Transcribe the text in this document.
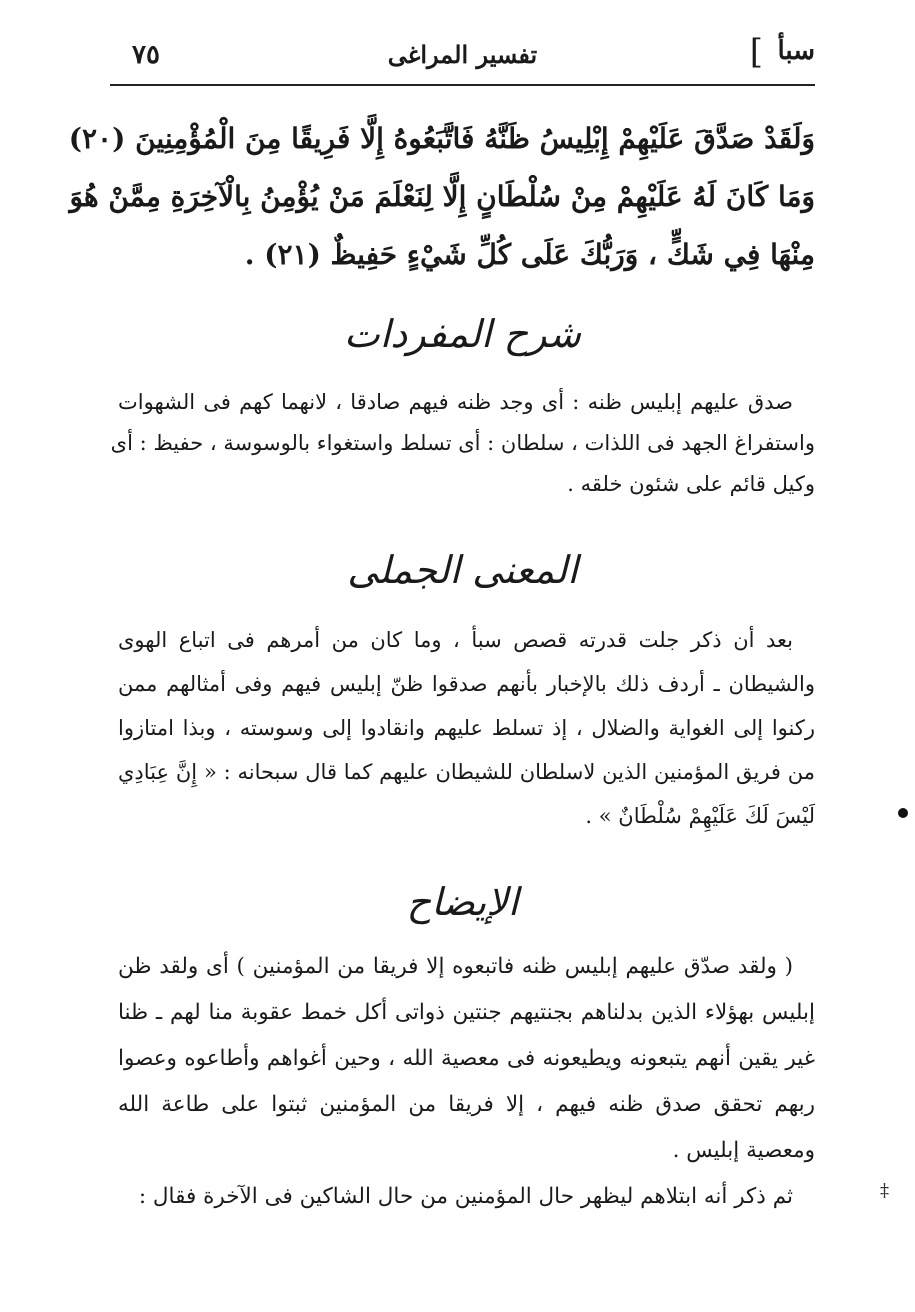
سبأ
]
تفسير المراغى
٧٥
وَلَقَدْ صَدَّقَ عَلَيْهِمْ إِبْلِيسُ ظَنَّهُ فَاتَّبَعُوهُ إِلَّا فَرِيقًا مِنَ الْمُؤْمِنِينَ (٢٠)
وَمَا كَانَ لَهُ عَلَيْهِمْ مِنْ سُلْطَانٍ إِلَّا لِنَعْلَمَ مَنْ يُؤْمِنُ بِالْآخِرَةِ مِمَّنْ هُوَ
مِنْهَا فِي شَكٍّ ، وَرَبُّكَ عَلَى كُلِّ شَيْءٍ حَفِيظٌ (٢١) .
شرح المفردات
صدق عليهم إبليس ظنه : أى وجد ظنه فيهم صادقا ، لانهما كهم فى الشهوات
واستفراغ الجهد فى اللذات ، سلطان : أى تسلط واستغواء بالوسوسة ، حفيظ : أى
وكيل قائم على شئون خلقه .
المعنى الجملى
بعد أن ذكر جلت قدرته قصص سبأ ، وما كان من أمرهم فى اتباع الهوى
والشيطان ـ أردف ذلك بالإخبار بأنهم صدقوا ظنّ إبليس فيهم وفى أمثالهم ممن
ركنوا إلى الغواية والضلال ، إذ تسلط عليهم وانقادوا إلى وسوسته ، وبذا امتازوا
من فريق المؤمنين الذين لاسلطان للشيطان عليهم كما قال سبحانه : « إِنَّ عِبَادِي
لَيْسَ لَكَ عَلَيْهِمْ سُلْطَانٌ » .
الإيضاح
( ولقد صدّق عليهم إبليس ظنه فاتبعوه إلا فريقا من المؤمنين ) أى ولقد ظن
إبليس بهؤلاء الذين بدلناهم بجنتيهم جنتين ذواتى أكل خمط عقوبة منا لهم ـ ظنا
غير يقين أنهم يتبعونه ويطيعونه فى معصية الله ، وحين أغواهم وأطاعوه وعصوا
ربهم تحقق صدق ظنه فيهم ، إلا فريقا من المؤمنين ثبتوا على طاعة الله
ومعصية إبليس .
ثم ذكر أنه ابتلاهم ليظهر حال المؤمنين من حال الشاكين فى الآخرة فقال :	‡
